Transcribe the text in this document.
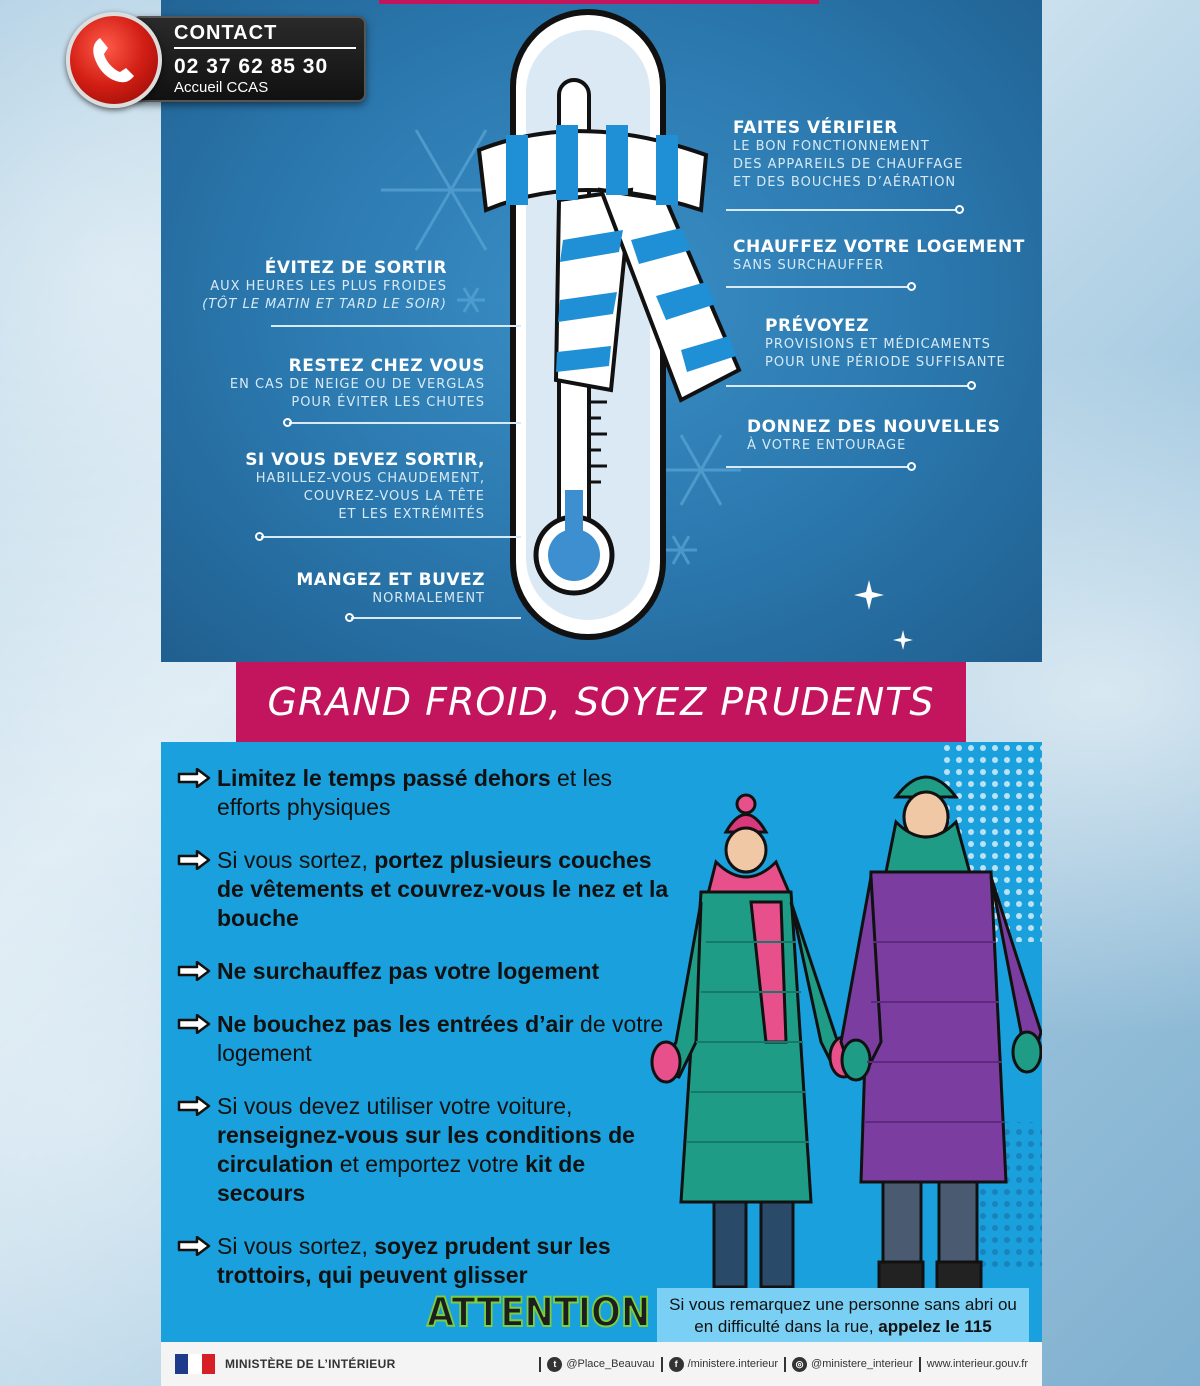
CONTACT
02 37 62 85 30
Accueil CCAS
ÉVITEZ DE SORTIR
AUX HEURES LES PLUS FROIDES
(TÔT LE MATIN ET TARD LE SOIR)
RESTEZ CHEZ VOUS
EN CAS DE NEIGE OU DE VERGLAS
POUR ÉVITER LES CHUTES
SI VOUS DEVEZ SORTIR,
HABILLEZ-VOUS CHAUDEMENT,
COUVREZ-VOUS LA TÊTE
ET LES EXTRÉMITÉS
MANGEZ ET BUVEZ
NORMALEMENT
FAITES VÉRIFIER
LE BON FONCTIONNEMENT
DES APPAREILS DE CHAUFFAGE
ET DES BOUCHES D’AÉRATION
CHAUFFEZ VOTRE LOGEMENT
SANS SURCHAUFFER
PRÉVOYEZ
PROVISIONS ET MÉDICAMENTS
POUR UNE PÉRIODE SUFFISANTE
DONNEZ DES NOUVELLES
À VOTRE ENTOURAGE
GRAND FROID, SOYEZ PRUDENTS
Limitez le temps passé dehors et les efforts physiques
Si vous sortez, portez plusieurs couches de vêtements et couvrez-vous le nez et la bouche
Ne surchauffez pas votre logement
Ne bouchez pas les entrées d’air de votre logement
Si vous devez utiliser votre voiture, renseignez-vous sur les conditions de circulation et emportez votre kit de secours
Si vous sortez, soyez prudent sur les trottoirs, qui peuvent glisser
ATTENTION	Si vous remarquez une personne sans abri ou en difficulté dans la rue, appelez le 115
MINISTÈRE DE L’INTÉRIEUR	t @Place_Beauvau	f /ministere.interieur	◎ @ministere_interieur www.interieur.gouv.fr
